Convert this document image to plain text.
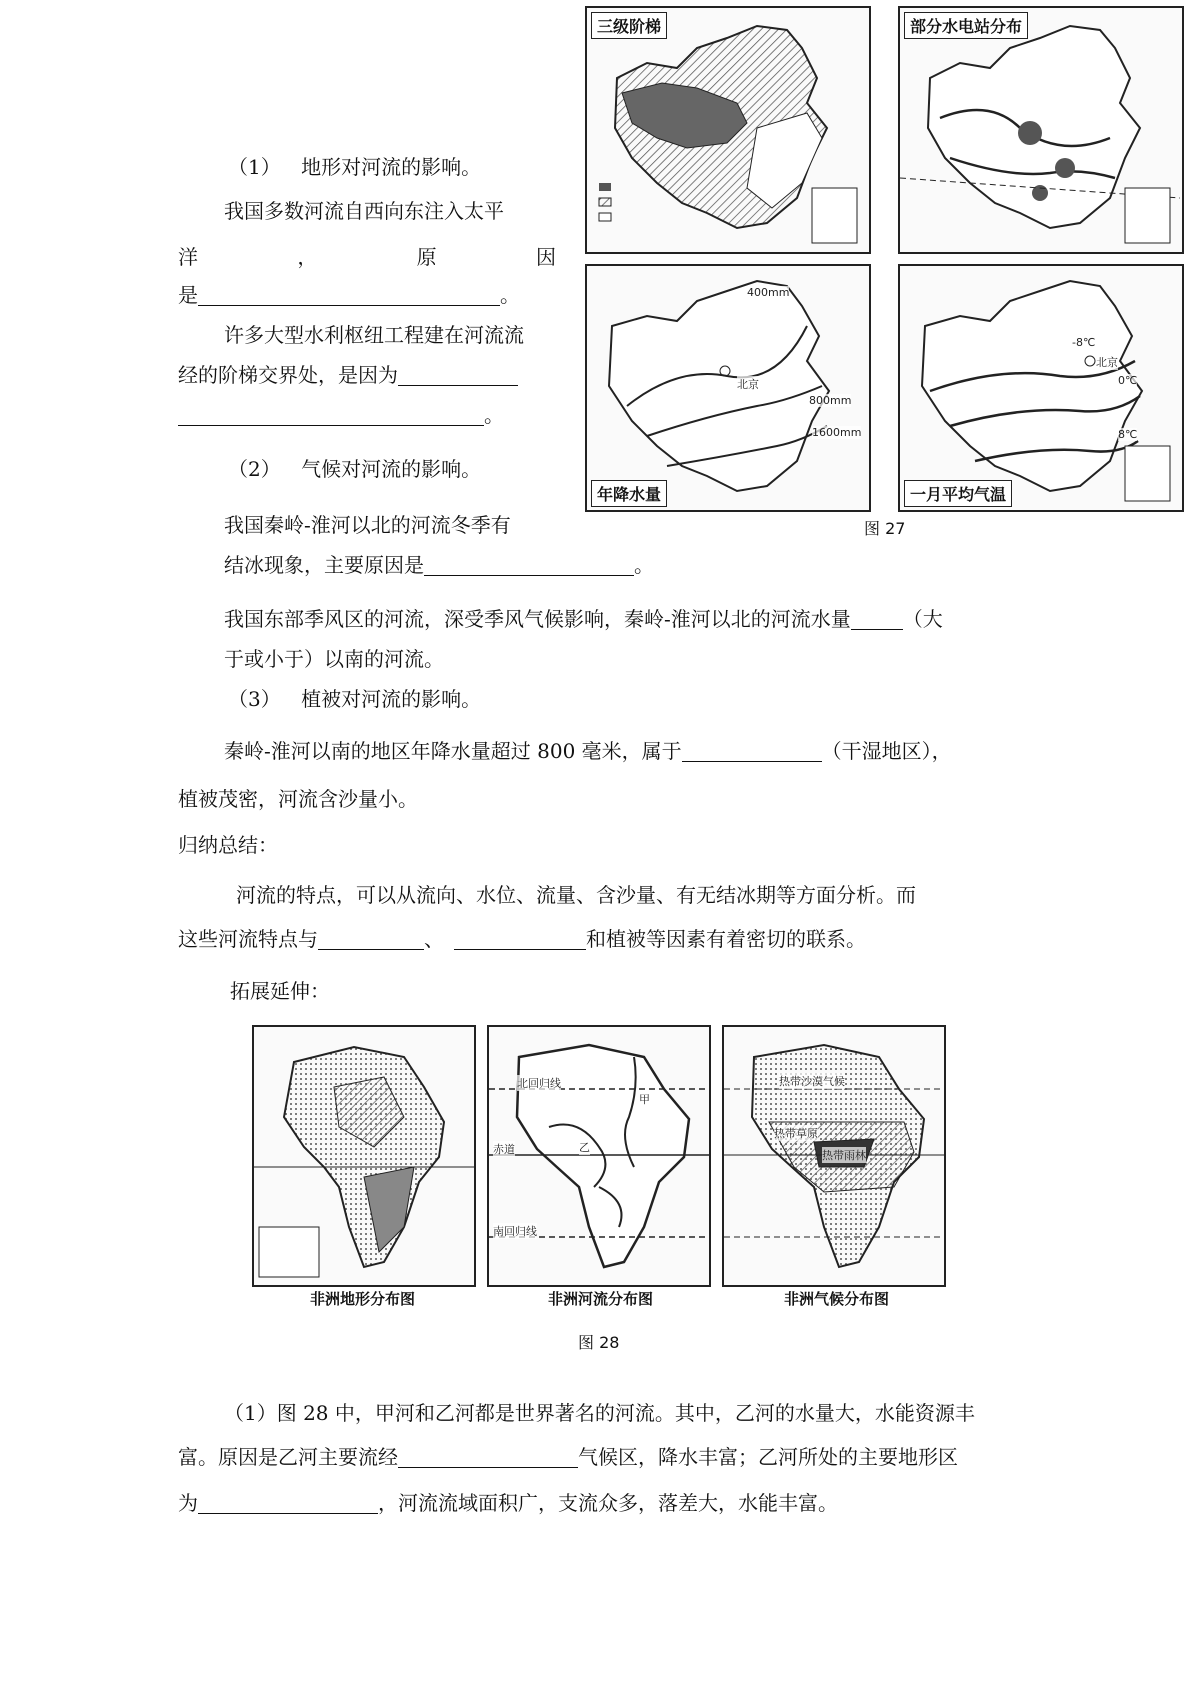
三级阶梯	部分水电站分布
400mm
800mm
1600mm
北京
年降水量
-8℃
北京
0℃
8℃
一月平均气温
图 27
（1） 地形对河流的影响。
我国多数河流自西向东注入太平
洋	，	原	因
是	。
许多大型水利枢纽工程建在河流流
经的阶梯交界处，是因为
。
（2） 气候对河流的影响。
我国秦岭-淮河以北的河流冬季有
结冰现象，主要原因是	。
我国东部季风区的河流，深受季风气候影响，秦岭-淮河以北的河流水量	（大
于或小于）以南的河流。
（3） 植被对河流的影响。
秦岭-淮河以南的地区年降水量超过 800 毫米，属于	（干湿地区），
植被茂密，河流含沙量小。
归纳总结：
河流的特点，可以从流向、水位、流量、含沙量、有无结冰期等方面分析。而
这些河流特点与	、	和植被等因素有着密切的联系。
拓展延伸：
非洲地形分布图
北回归线
赤道
南回归线
甲
乙
非洲河流分布图
热带沙漠气候
热带草原
热带雨林
非洲气候分布图
图 28
（1）图 28 中，甲河和乙河都是世界著名的河流。其中，乙河的水量大，水能资源丰
富。原因是乙河主要流经	气候区，降水丰富；乙河所处的主要地形区
为	，河流流域面积广，支流众多，落差大，水能丰富。
